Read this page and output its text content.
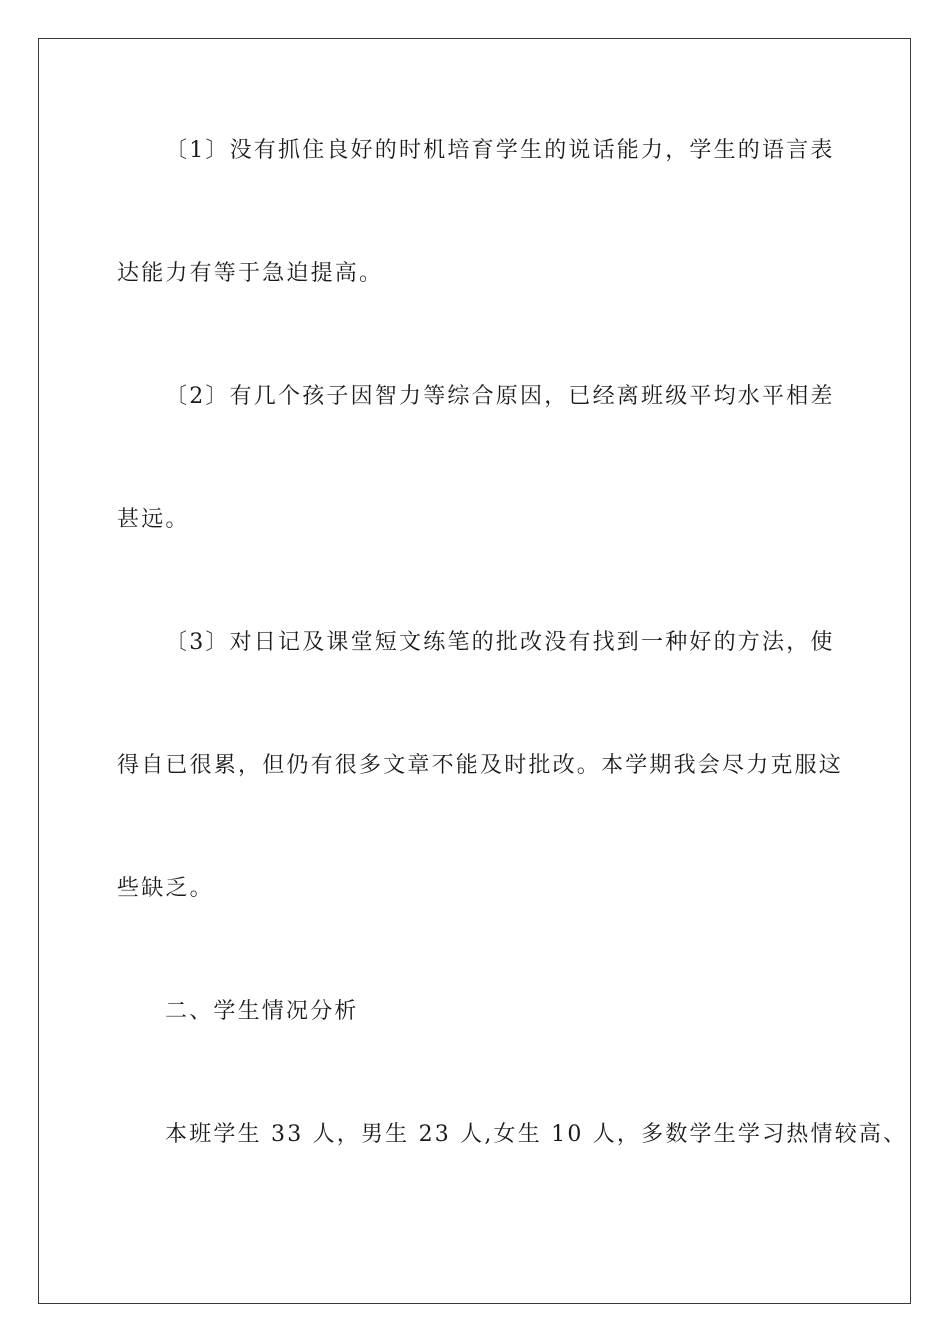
〔1〕没有抓住良好的时机培育学生的说话能力，学生的语言表
达能力有等于急迫提高。
〔2〕有几个孩子因智力等综合原因，已经离班级平均水平相差
甚远。
〔3〕对日记及课堂短文练笔的批改没有找到一种好的方法，使
得自已很累，但仍有很多文章不能及时批改。本学期我会尽力克服这
些缺乏。
二、学生情况分析
本班学生 33 人，男生 23 人,女生 10 人，多数学生学习热情较高、
